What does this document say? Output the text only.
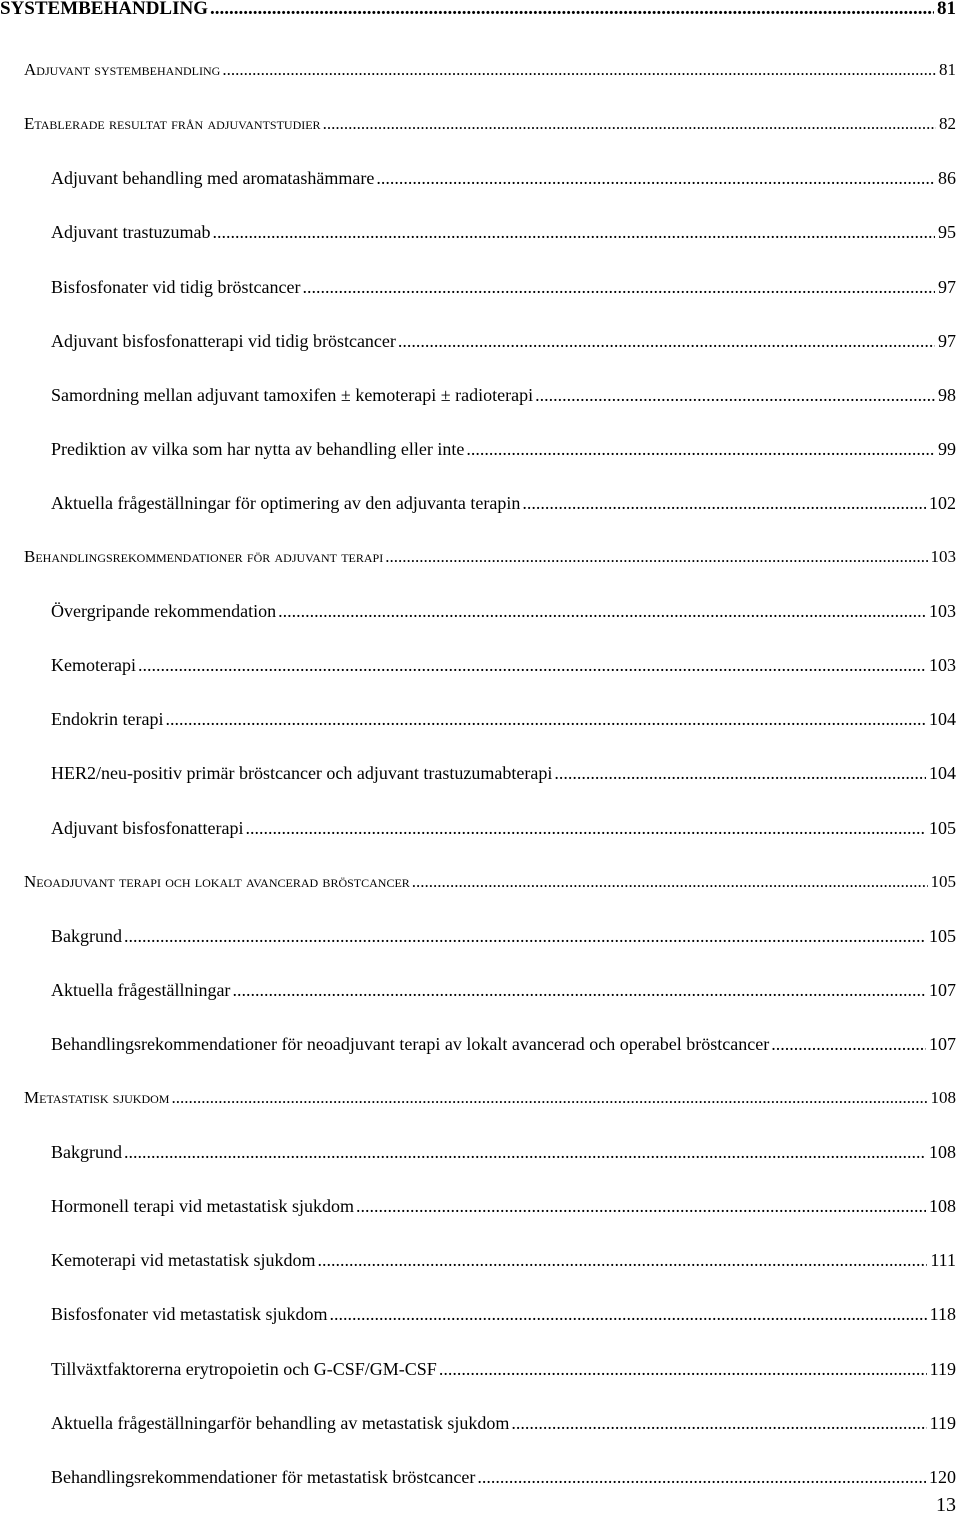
SYSTEMBEHANDLING .....	81
Adjuvant systembehandling .....	81
Etablerade resultat från adjuvantstudier .....	82
Adjuvant behandling med aromatashämmare .....	86
Adjuvant trastuzumab .....	95
Bisfosfonater vid tidig bröstcancer .....	97
Adjuvant bisfosfonatterapi vid tidig bröstcancer .....	97
Samordning mellan adjuvant tamoxifen ± kemoterapi ± radioterapi .....	98
Prediktion av vilka som har nytta av behandling eller inte .....	99
Aktuella frågeställningar för optimering av den adjuvanta terapin .....	102
Behandlingsrekommendationer för adjuvant terapi .....	103
Övergripande rekommendation .....	103
Kemoterapi .....	103
Endokrin terapi .....	104
HER2/neu-positiv primär bröstcancer och adjuvant trastuzumabterapi .....	104
Adjuvant bisfosfonatterapi .....	105
Neoadjuvant terapi och lokalt avancerad bröstcancer .....	105
Bakgrund .....	105
Aktuella frågeställningar .....	107
Behandlingsrekommendationer för neoadjuvant terapi av lokalt avancerad och operabel bröstcancer .....	107
Metastatisk sjukdom .....	108
Bakgrund .....	108
Hormonell terapi vid metastatisk sjukdom .....	108
Kemoterapi vid metastatisk sjukdom .....	111
Bisfosfonater vid metastatisk sjukdom .....	118
Tillväxtfaktorerna erytropoietin och G-CSF/GM-CSF .....	119
Aktuella frågeställningarför behandling av metastatisk sjukdom .....	119
Behandlingsrekommendationer för metastatisk bröstcancer .....	120
13
